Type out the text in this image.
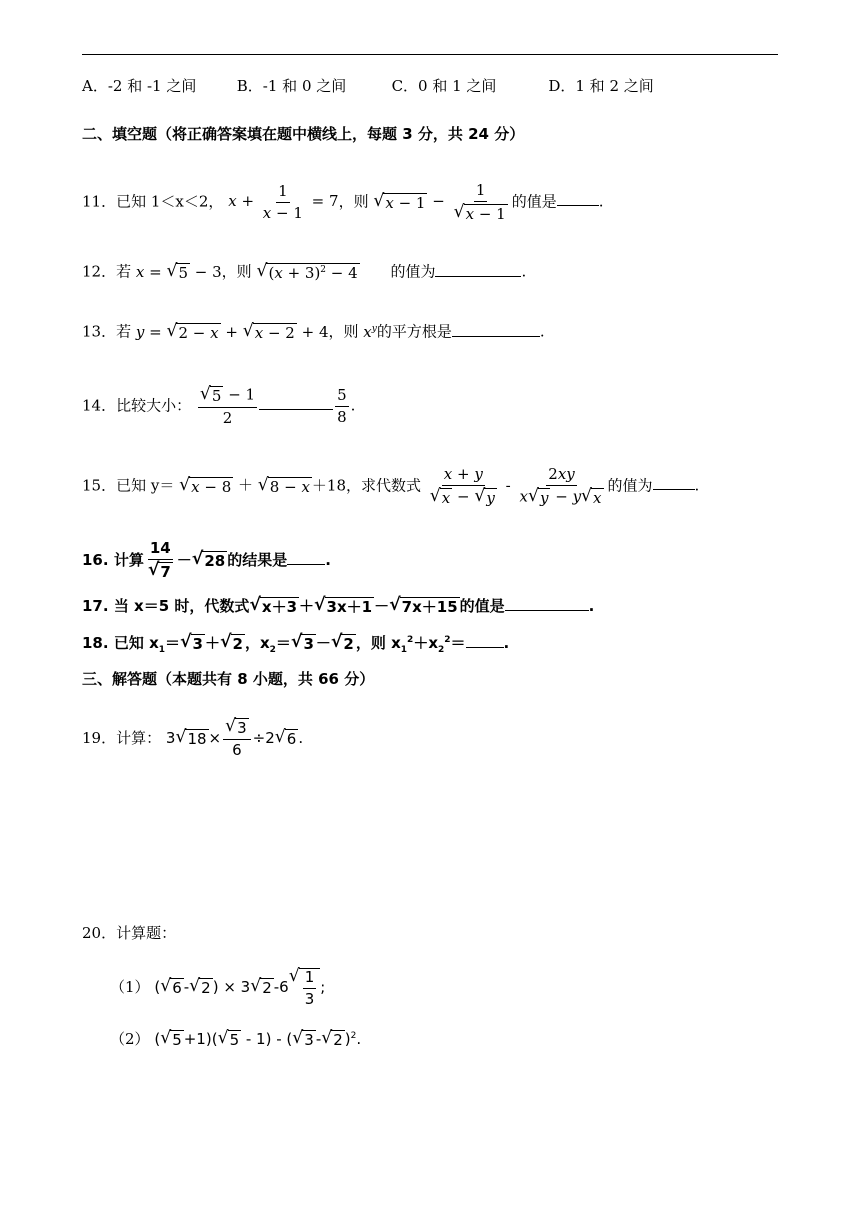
A．-2 和 -1 之间	B．-1 和 0 之间	C．0 和 1 之间	D．1 和 2 之间
二、填空题（将正确答案填在题中横线上，每题 3 分，共 24 分）
11．已知 1＜x＜2， $x + \frac{1}{x - 1} = 7$，则 √ $x - 1 - \frac{1}{√ x - 1}$ 的值是	.
12．若 x = √ 5 − 3，则 √ $(x + 3)^2 - 4$ 的值为	.
13．若 y = √ 2 − x + √ x − 2 + 4，则 $x^y$的平方根是	.
14．比较大小： $\frac{√ 5 - 1}{2}$	$\frac{5}{8}$ .
15．已知 y＝ √ x − 8 ＋ √ 8 − x ＋18，求代数式 $\frac{x + y}{√ x - √ y} - \frac{2xy}{x √ y - y √ x}$ 的值为	.
16. 计算 $\frac{14}{√ 7}$ － √ 28 的结果是	.
17. 当 x＝5 时，代数式 √ x＋3 ＋ √ 3x＋1 － √ 7x＋15 的值是	.
18. 已知 $x_1=$ √ 3 ＋ √ 2 ，$x_2=$ √ 3 － √ 2 ，则 $x_1^2+x_2^2=$	.
三、解答题（本题共有 8 小题，共 66 分）
19．计算： 3 √ $18 \times \frac{√ 3}{6} \div 2$ √ 6 .
20．计算题：
（1） ( √ 6 - √ 2 ) × 3 √ 2 -6
√ $\frac{1}{3}$ ;
（2） ( √ 5 +1)( √ 5 - 1) - ( √ 3 - √ 2 )$^2$.
